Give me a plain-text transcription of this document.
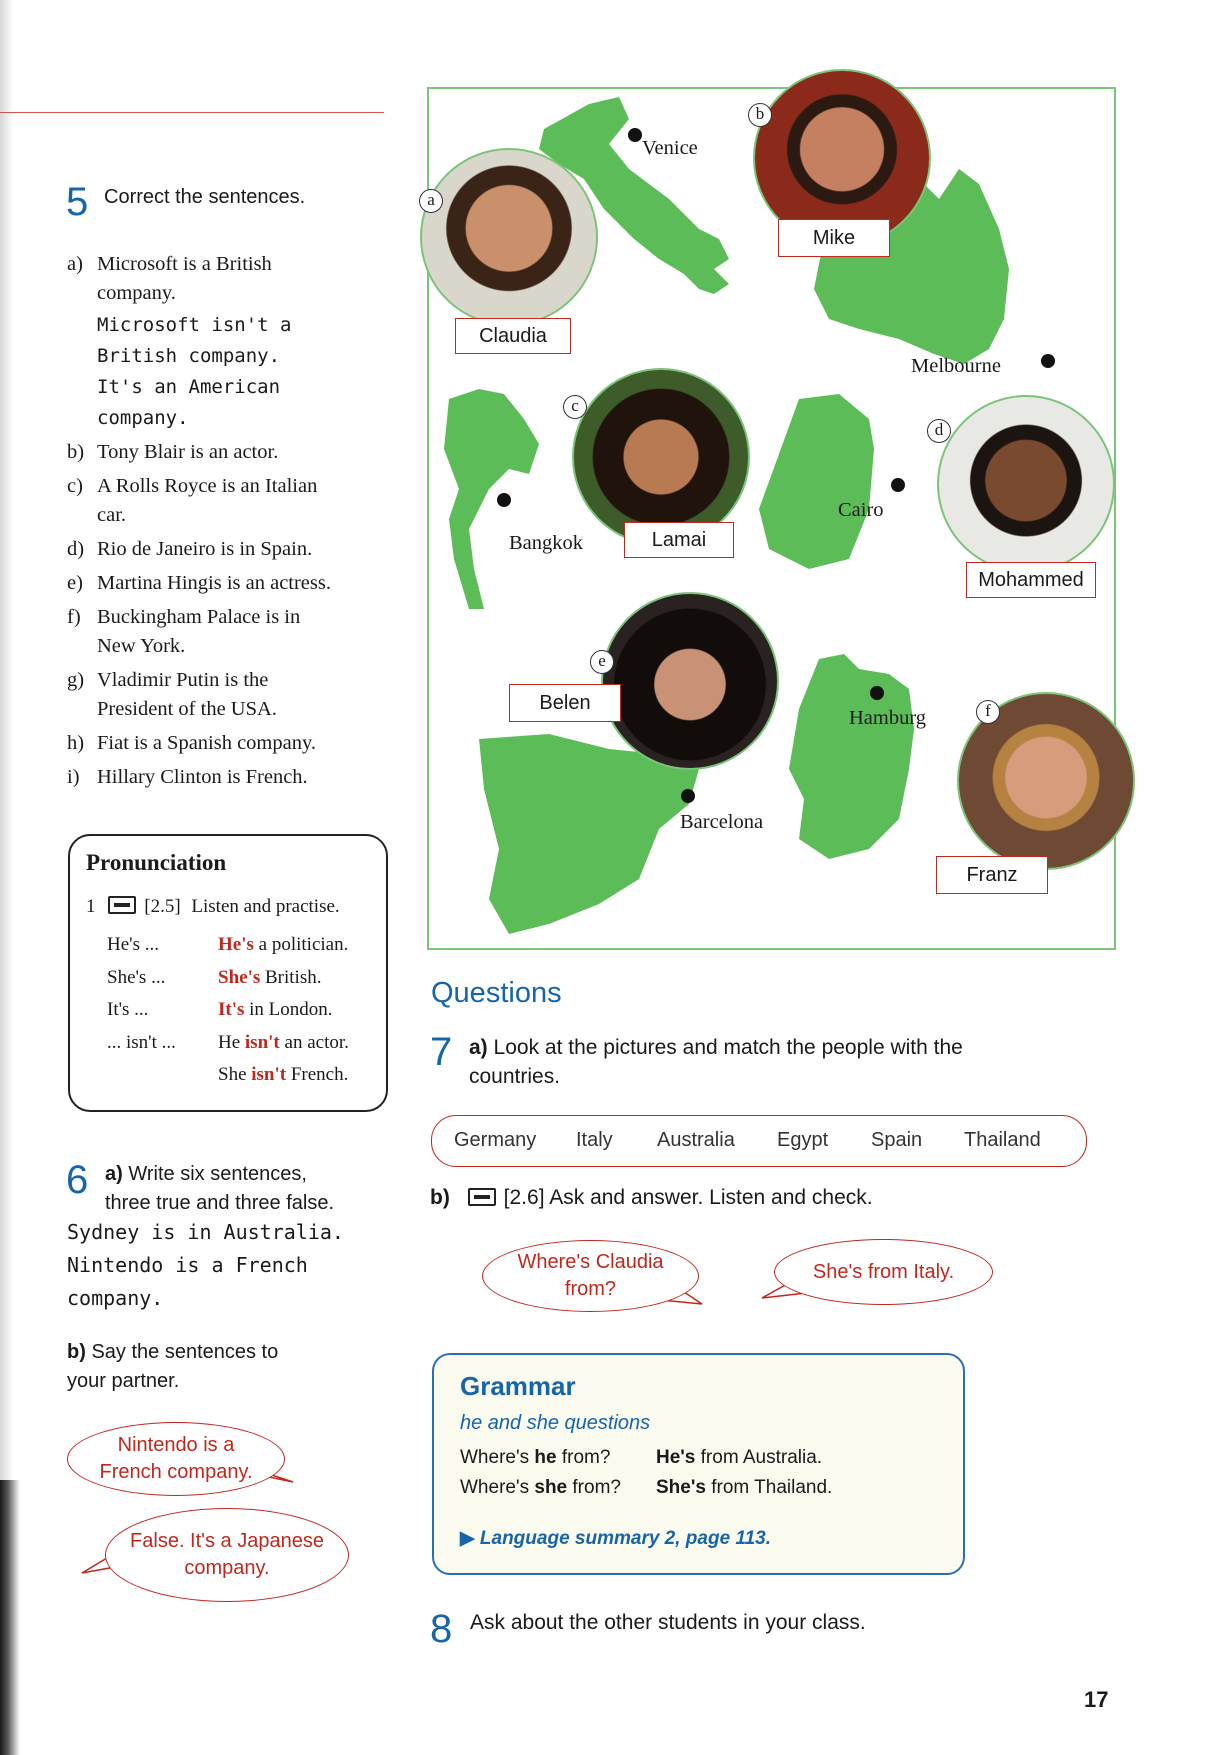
5 Correct the sentences.
a) Microsoft is a British
company.
Microsoft isn't a
British company.
It's an American
company.
b) Tony Blair is an actor.
c) A Rolls Royce is an Italian
car.
d) Rio de Janeiro is in Spain.
e) Martina Hingis is an actress.
f) Buckingham Palace is in
New York.
g) Vladimir Putin is the
President of the USA.
h) Fiat is a Spanish company.
i) Hillary Clinton is French.
Pronunciation
1	[2.5] Listen and practise.
He's ...
She's ...
It's ...
... isn't ...
He's a politician.
She's British.
It's in London.
He isn't an actor.
She isn't French.
6 a) Write six sentences,
three true and three false.
Sydney is in Australia.
Nintendo is a French
company.
b) Say the sentences to
your partner.
Nintendo is a
French company.
False. It's a Japanese
company.
Venice
Melbourne
Bangkok
Cairo
Hamburg
Barcelona
Claudia
Mike
Lamai
Mohammed
Belen
Franz
a
b
c
d
e
f
Questions
7 a) Look at the pictures and match the people with the
countries.
Germany Italy Australia Egypt Spain Thailand
b)	[2.6] Ask and answer. Listen and check.
Where's Claudia
from?
She's from Italy.
Grammar
he and she questions
Where's he from?
Where's she from?
He's from Australia.
She's from Thailand.
▶ Language summary 2, page 113.
8 Ask about the other students in your class.
17
